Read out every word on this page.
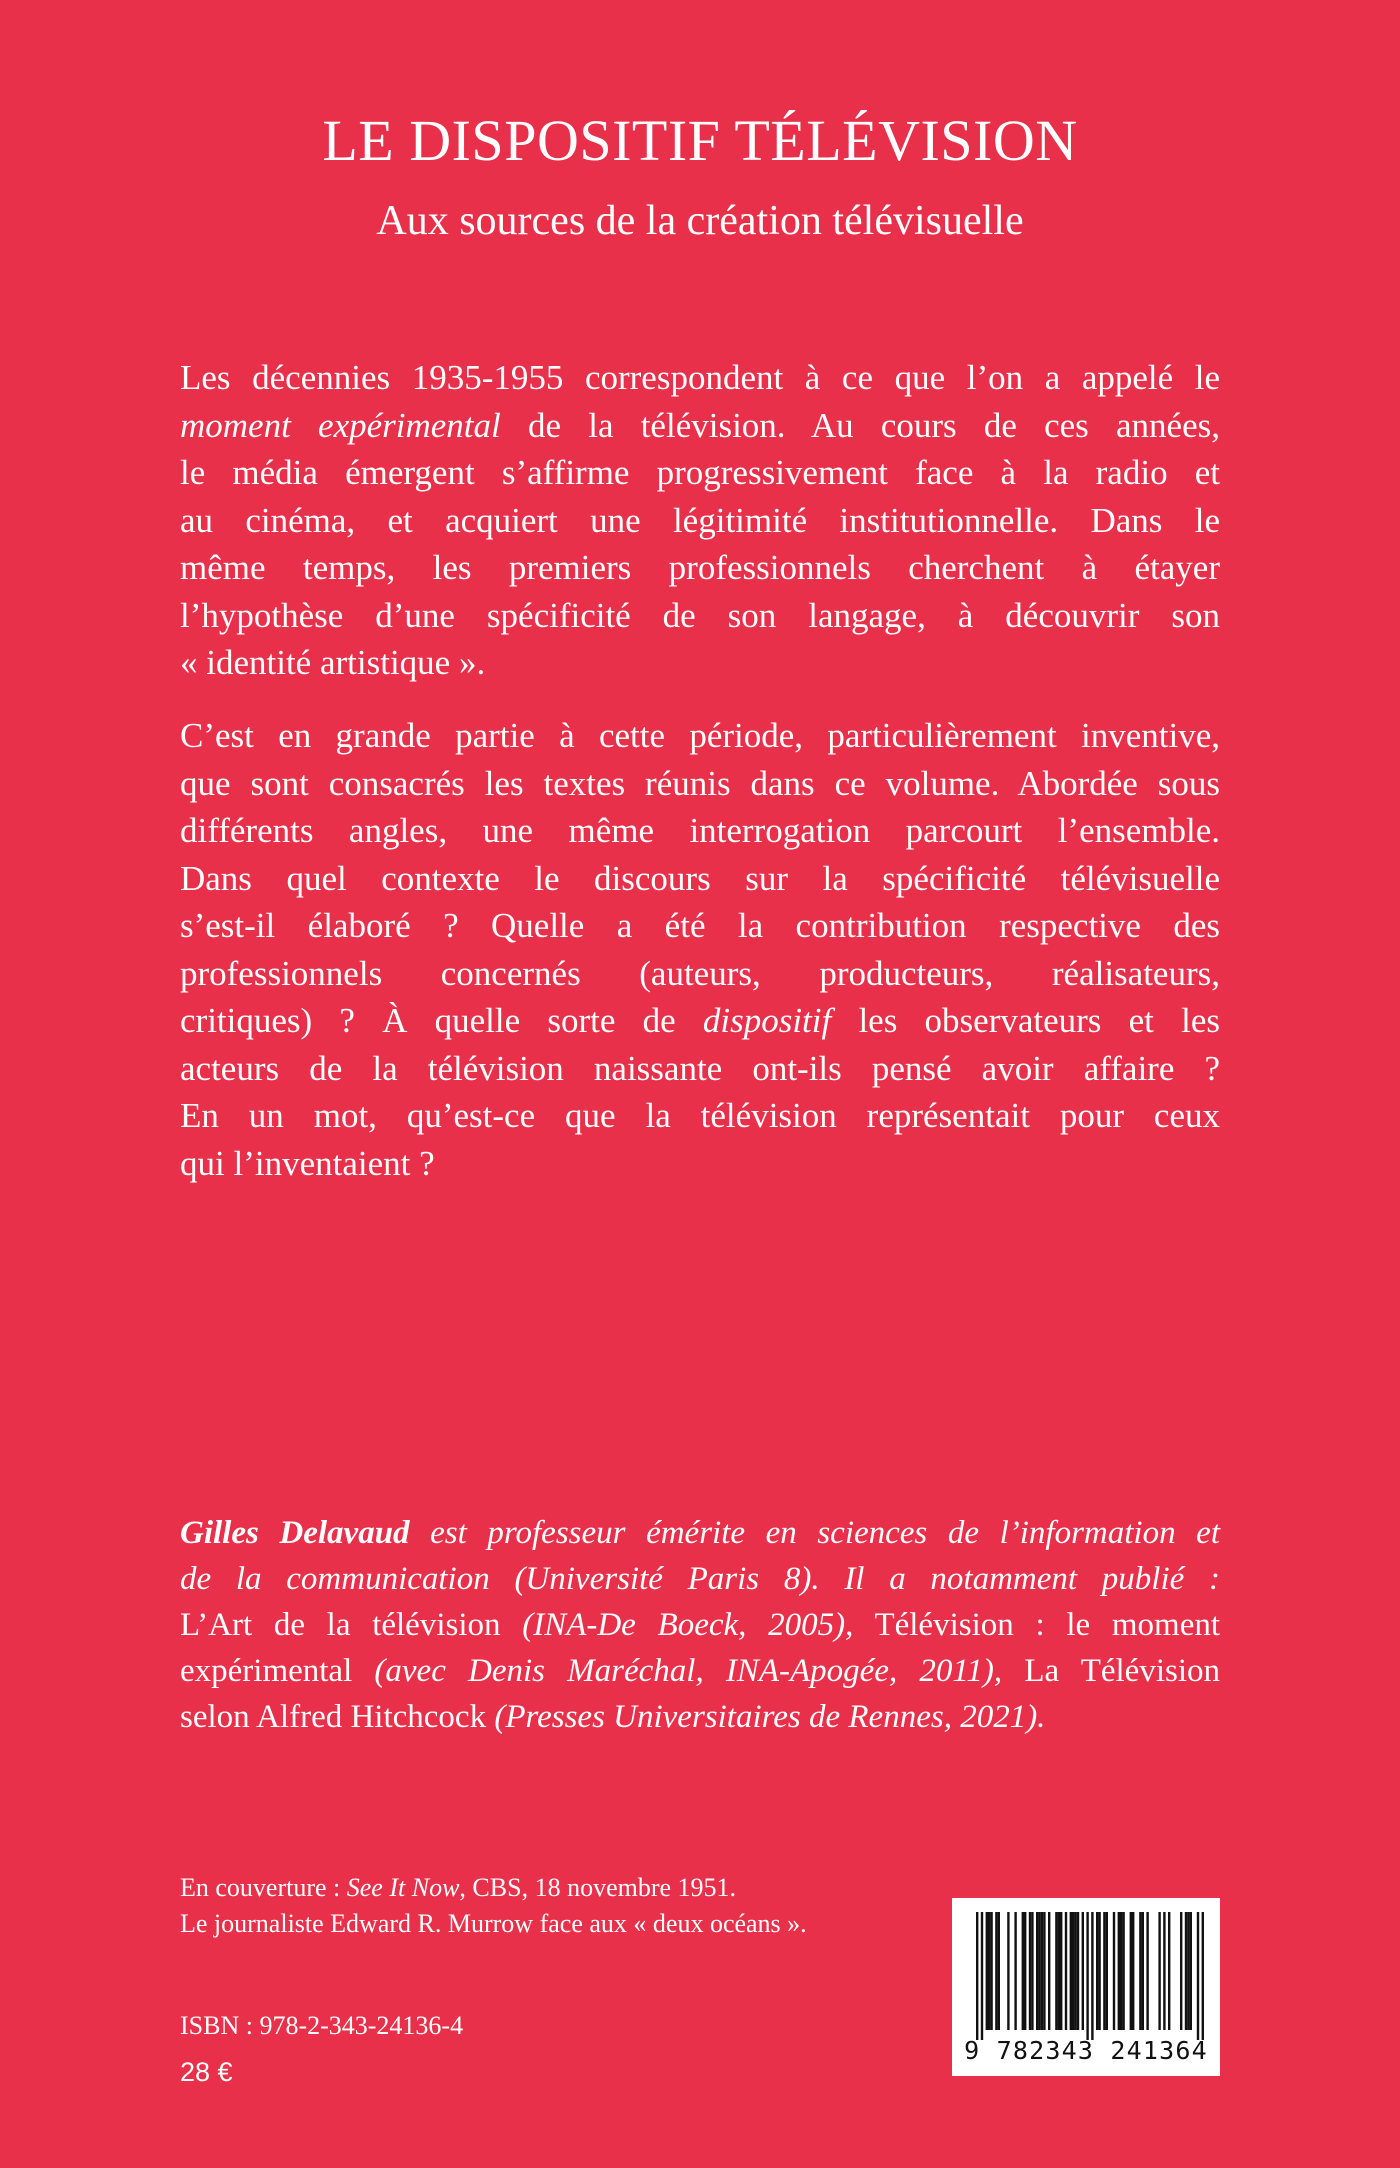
LE DISPOSITIF TÉLÉVISION
Aux sources de la création télévisuelle
Les décennies 1935-1955 correspondent à ce que l’on a appelé le
moment expérimental de la télévision. Au cours de ces années,
le média émergent s’affirme progressivement face à la radio et
au cinéma, et acquiert une légitimité institutionnelle. Dans le
même temps, les premiers professionnels cherchent à étayer
l’hypothèse d’une spécificité de son langage, à découvrir son
« identité artistique ».
C’est en grande partie à cette période, particulièrement inventive,
que sont consacrés les textes réunis dans ce volume. Abordée sous
différents angles, une même interrogation parcourt l’ensemble.
Dans quel contexte le discours sur la spécificité télévisuelle
s’est-il élaboré ? Quelle a été la contribution respective des
professionnels concernés (auteurs, producteurs, réalisateurs,
critiques) ? À quelle sorte de dispositif les observateurs et les
acteurs de la télévision naissante ont-ils pensé avoir affaire ?
En un mot, qu’est-ce que la télévision représentait pour ceux
qui l’inventaient ?
Gilles Delavaud est professeur émérite en sciences de l’information et
de la communication (Université Paris 8). Il a notamment publié :
L’Art de la télévision (INA-De Boeck, 2005), Télévision : le moment
expérimental (avec Denis Maréchal, INA-Apogée, 2011), La Télévision
selon Alfred Hitchcock (Presses Universitaires de Rennes, 2021).
En couverture : See It Now, CBS, 18 novembre 1951.
Le journaliste Edward R. Murrow face aux « deux océans ».
ISBN : 978-2-343-24136-4
28 €
9 782343 241364
